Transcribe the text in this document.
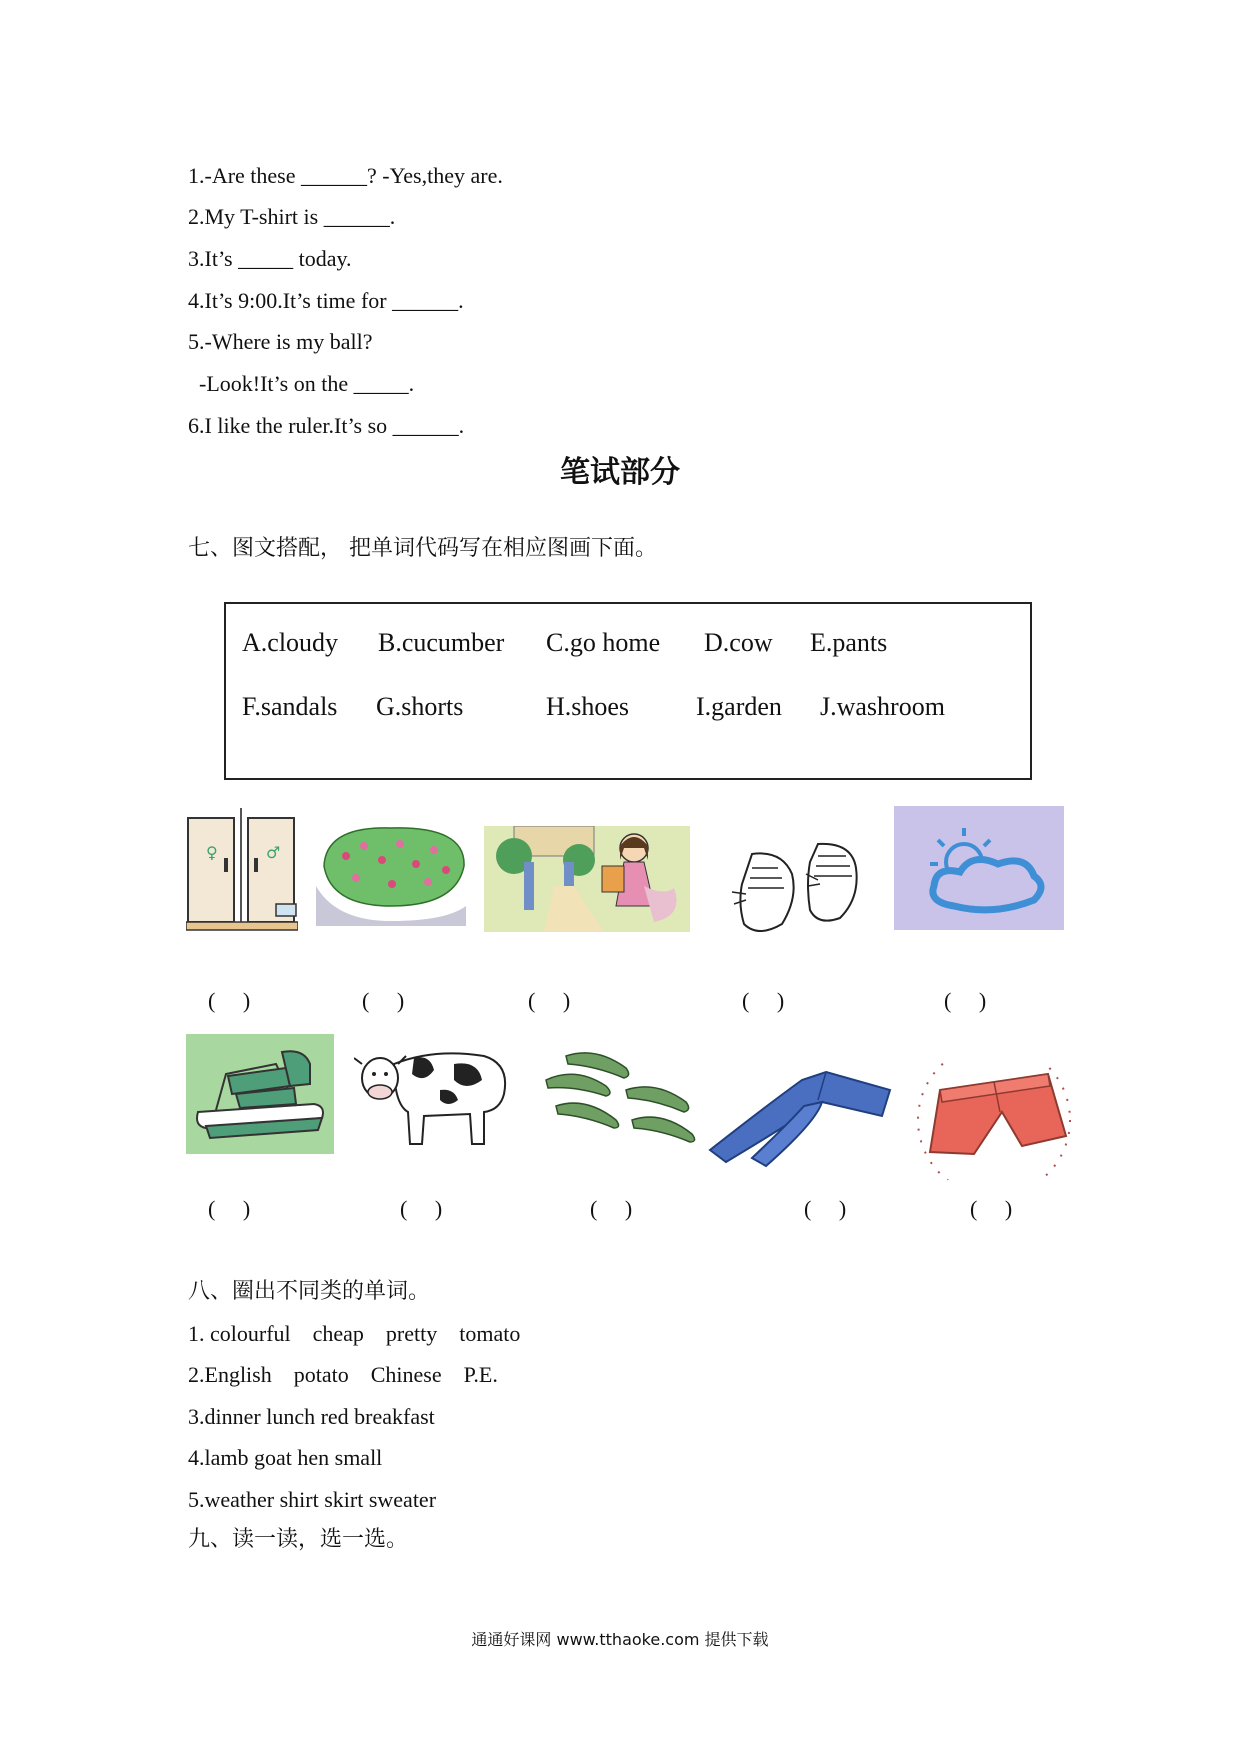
1.-Are these ______? -Yes,they are.
2.My T-shirt is ______.
3.It’s _____ today.
4.It’s 9:00.It’s time for ______.
5.-Where is my ball?
-Look!It’s on the _____.
6.I like the ruler.It’s so ______.
笔试部分
七、图文搭配， 把单词代码写在相应图画下面。
A.cloudy B.cucumber C.go home D.cow E.pants
F.sandals G.shorts	H.shoes	I.garden J.washroom
♀	♂
(     )	(     )	(     )	(     )	(     )
(     )	(     )	(     )	(     )	(     )
八、圈出不同类的单词。
1. colourful    cheap    pretty    tomato
2.English    potato    Chinese    P.E.
3.dinner lunch red breakfast
4.lamb goat hen small
5.weather shirt skirt sweater
九、读一读，选一选。
通通好课网 www.tthaoke.com 提供下载
